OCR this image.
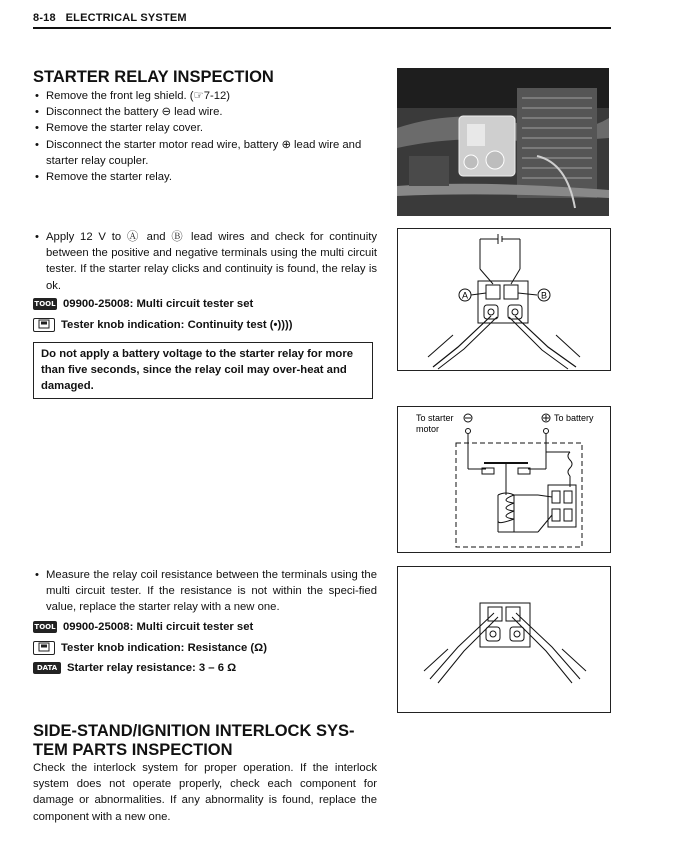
8-18 ELECTRICAL SYSTEM
STARTER RELAY INSPECTION
• Remove the front leg shield. (☞7-12)
• Disconnect the battery ⊖ lead wire.
• Remove the starter relay cover.
• Disconnect the starter motor read wire, battery ⊕ lead wire and starter relay coupler.
• Remove the starter relay.
• Apply 12 V to Ⓐ and Ⓑ lead wires and check for continuity between the positive and negative terminals using the multi circuit tester. If the starter relay clicks and continuity is found, the relay is ok.
TOOL 09900-25008: Multi circuit tester set
Tester knob indication: Continuity test (•))))
Do not apply a battery voltage to the starter relay for more than five seconds, since the relay coil may over-heat and damaged.
A	B
To starter
motor
To battery
• Measure the relay coil resistance between the terminals using the multi circuit tester. If the resistance is not within the speci-fied value, replace the starter relay with a new one.
TOOL 09900-25008: Multi circuit tester set
Tester knob indication: Resistance (Ω)
DATA Starter relay resistance: 3 – 6 Ω
SIDE-STAND/IGNITION INTERLOCK SYS-
TEM PARTS INSPECTION
Check the interlock system for proper operation. If the interlock system does not operate properly, check each component for damage or abnormalities. If any abnormality is found, replace the component with a new one.
